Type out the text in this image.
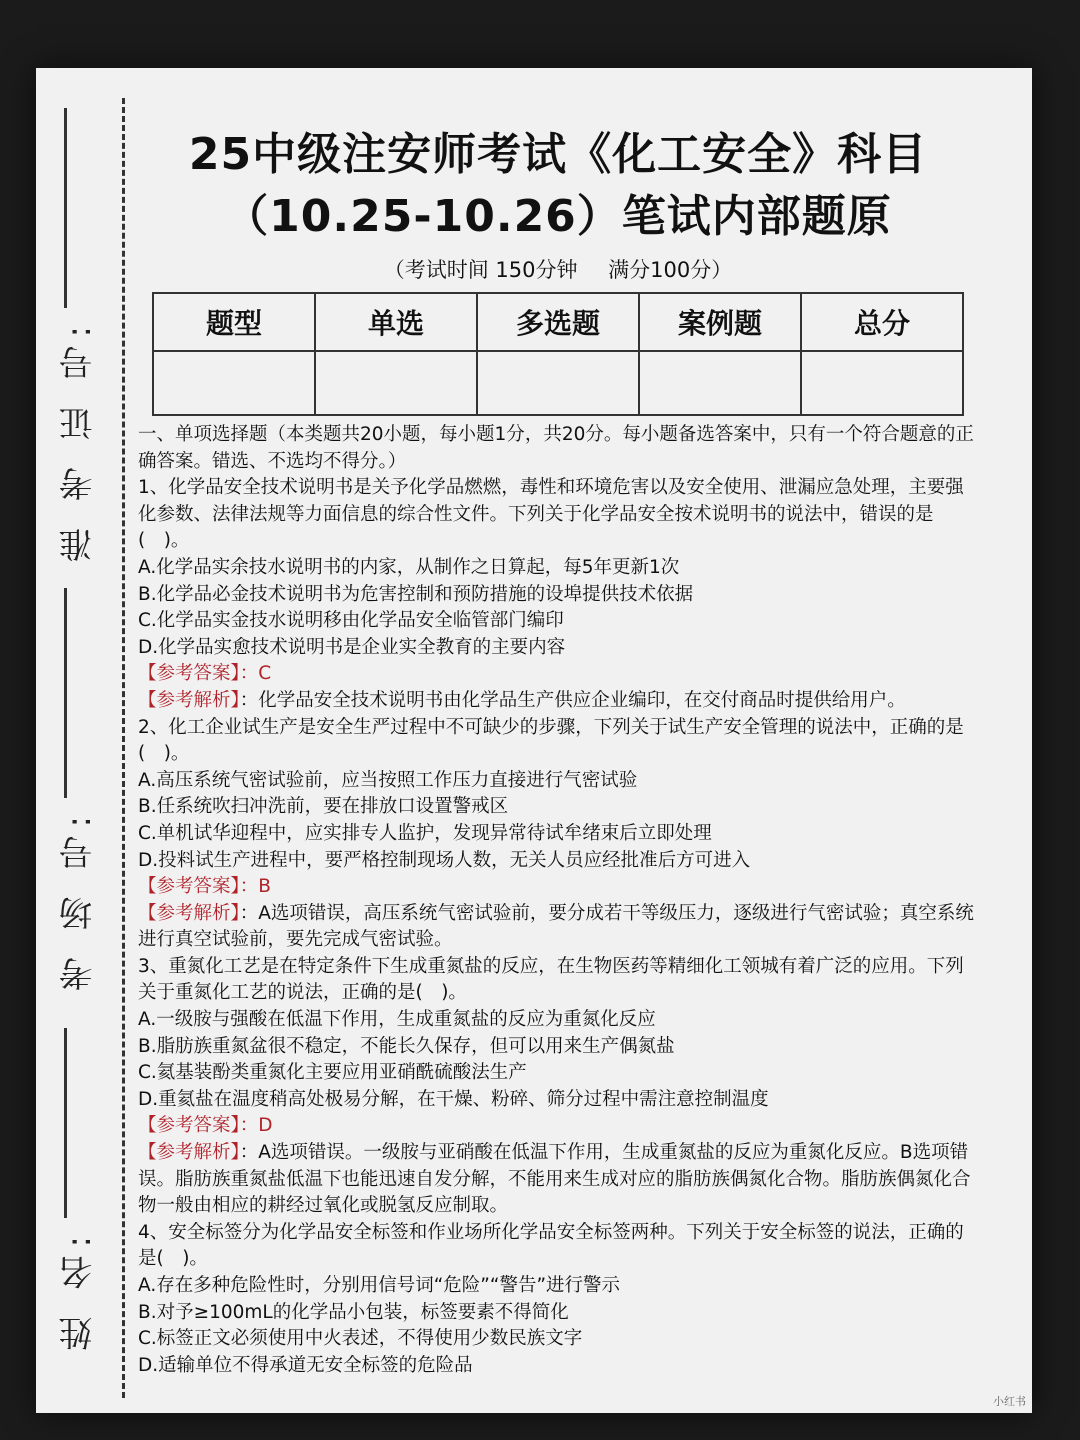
准 考 证 号:
考 场 号:
姓 名:
25中级注安师考试《化工安全》科目
（10.25-10.26）笔试内部题原
（考试时间 150分钟 满分100分）
题型	单选	多选题	案例题	总分

一、单项选择题（本类题共20小题，每小题1分，共20分。每小题备选答案中，只有一个符合题意的正确答案。错选、不选均不得分。）

1、化学品安全技术说明书是关予化学品燃燃，毒性和环境危害以及安全使用、泄漏应急处理，主要强化参数、法律法规等力面信息的综合性文件。下列关于化学品安全按术说明书的说法中，错误的是(　)。

A.化学品实余技水说明书的内家，从制作之日算起，每5年更新1次

B.化学品必金技术说明书为危害控制和预防措施的设埠提供技术依据

C.化学品实金技水说明移由化学品安全临管部门编印

D.化学品实愈技术说明书是企业实全教育的主要内容

【参考答案】：C

【参考解析】：化学品安全技术说明书由化学品生产供应企业编印，在交付商品时提供给用户。

2、化工企业试生产是安全生严过程中不可缺少的步骤，下列关于试生产安全管理的说法中，正确的是(　)。

A.高压系统气密试验前，应当按照工作压力直接进行气密试验

B.任系统吹扫冲洗前，要在排放口设置警戒区

C.单机试华迎程中，应实排专人监护，发现异常待试牟绪束后立即处理

D.投料试生产进程中，要严格控制现场人数，无关人员应经批准后方可进入

【参考答案】：B

【参考解析】：A选项错误，高压系统气密试验前，要分成若干等级压力，逐级进行气密试验；真空系统进行真空试验前，要先完成气密试验。

3、重氮化工艺是在特定条件下生成重氮盐的反应，在生物医药等精细化工领城有着广泛的应用。下列关于重氮化工艺的说法，正确的是(　)。

A.一级胺与强酸在低温下作用，生成重氮盐的反应为重氮化反应

B.脂肪族重氮盆很不稳定，不能长久保存，但可以用来生产偶氮盐

C.氦基装酚类重氮化主要应用亚硝酰硫酸法生产

D.重氦盐在温度稍高处极易分解，在干燥、粉碎、筛分过程中需注意控制温度

【参考答案】：D

【参考解析】：A选项错误。一级胺与亚硝酸在低温下作用，生成重氮盐的反应为重氮化反应。B选项错误。脂肪族重氮盐低温下也能迅速自发分解，不能用来生成对应的脂肪族偶氮化合物。脂肪族偶氮化合物一般由相应的耕经过氧化或脱氢反应制取。

4、安全标签分为化学品安全标签和作业场所化学品安全标签两种。下列关于安全标签的说法，正确的是(　)。

A.存在多种危险性时，分别用信号词“危险”“警告”进行警示

B.对予≥100mL的化学品小包装，标签要素不得简化

C.标签正文必须使用中火表述，不得使用少数民族文字

D.适输单位不得承道无安全标签的危险品

小红书
